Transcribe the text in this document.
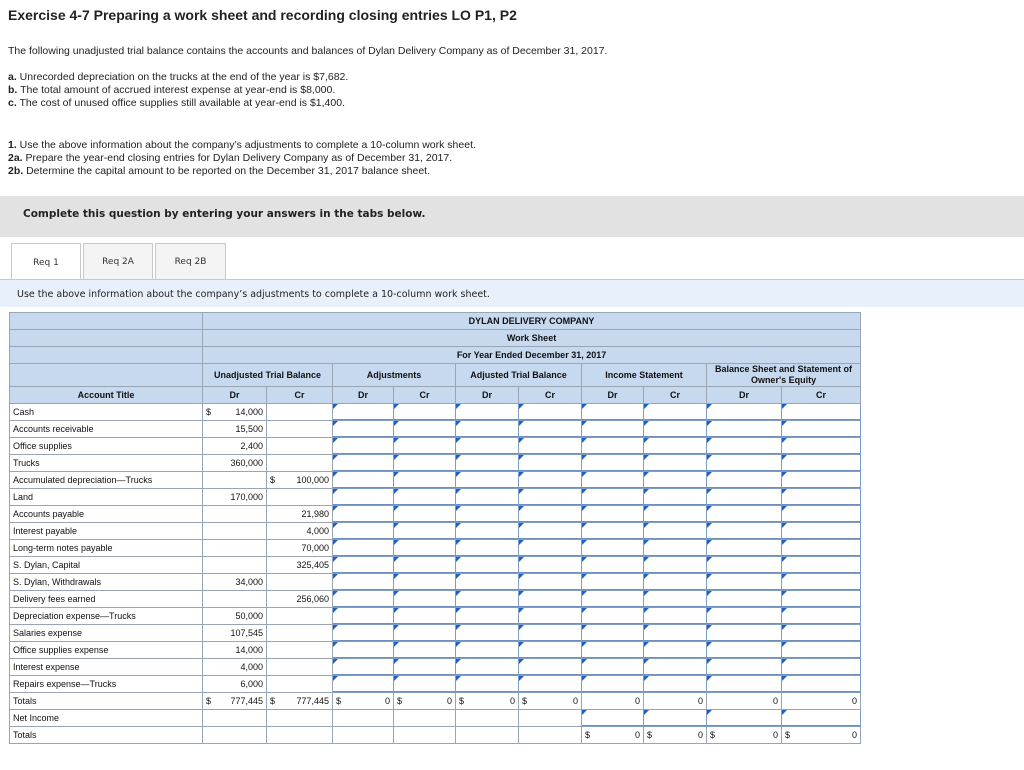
Exercise 4-7 Preparing a work sheet and recording closing entries LO P1, P2
The following unadjusted trial balance contains the accounts and balances of Dylan Delivery Company as of December 31, 2017.
a. Unrecorded depreciation on the trucks at the end of the year is $7,682.
b. The total amount of accrued interest expense at year-end is $8,000.
c. The cost of unused office supplies still available at year-end is $1,400.
1. Use the above information about the company’s adjustments to complete a 10-column work sheet.
2a. Prepare the year-end closing entries for Dylan Delivery Company as of December 31, 2017.
2b. Determine the capital amount to be reported on the December 31, 2017 balance sheet.
Complete this question by entering your answers in the tabs below.
Req 1	Req 2A	Req 2B
Use the above information about the company’s adjustments to complete a 10-column work sheet.
	DYLAN DELIVERY COMPANY									
	Work Sheet									
	For Year Ended December 31, 2017									
	Unadjusted Trial Balance		Adjustments		Adjusted Trial Balance		Income Statement		Balance Sheet and Statement of Owner's Equity	
Account Title	Dr	Cr	Dr	Cr	Dr	Cr	Dr	Cr	Dr	Cr
Cash	$ 14,000									
Accounts receivable	15,500									
Office supplies	2,400									
Trucks	360,000									
Accumulated depreciation—Trucks		$ 100,000								
Land	170,000									
Accounts payable		21,980								
Interest payable		4,000								
Long-term notes payable		70,000								
S. Dylan, Capital		325,405								
S. Dylan, Withdrawals	34,000									
Delivery fees earned		256,060								
Depreciation expense—Trucks	50,000									
Salaries expense	107,545									
Office supplies expense	14,000									
Interest expense	4,000									
Repairs expense—Trucks	6,000									
Totals	$ 777,445	$ 777,445	$ 0	$ 0	$ 0	$ 0	0	0	0	0
Net Income										
Totals							$ 0	$ 0	$ 0	$ 0
